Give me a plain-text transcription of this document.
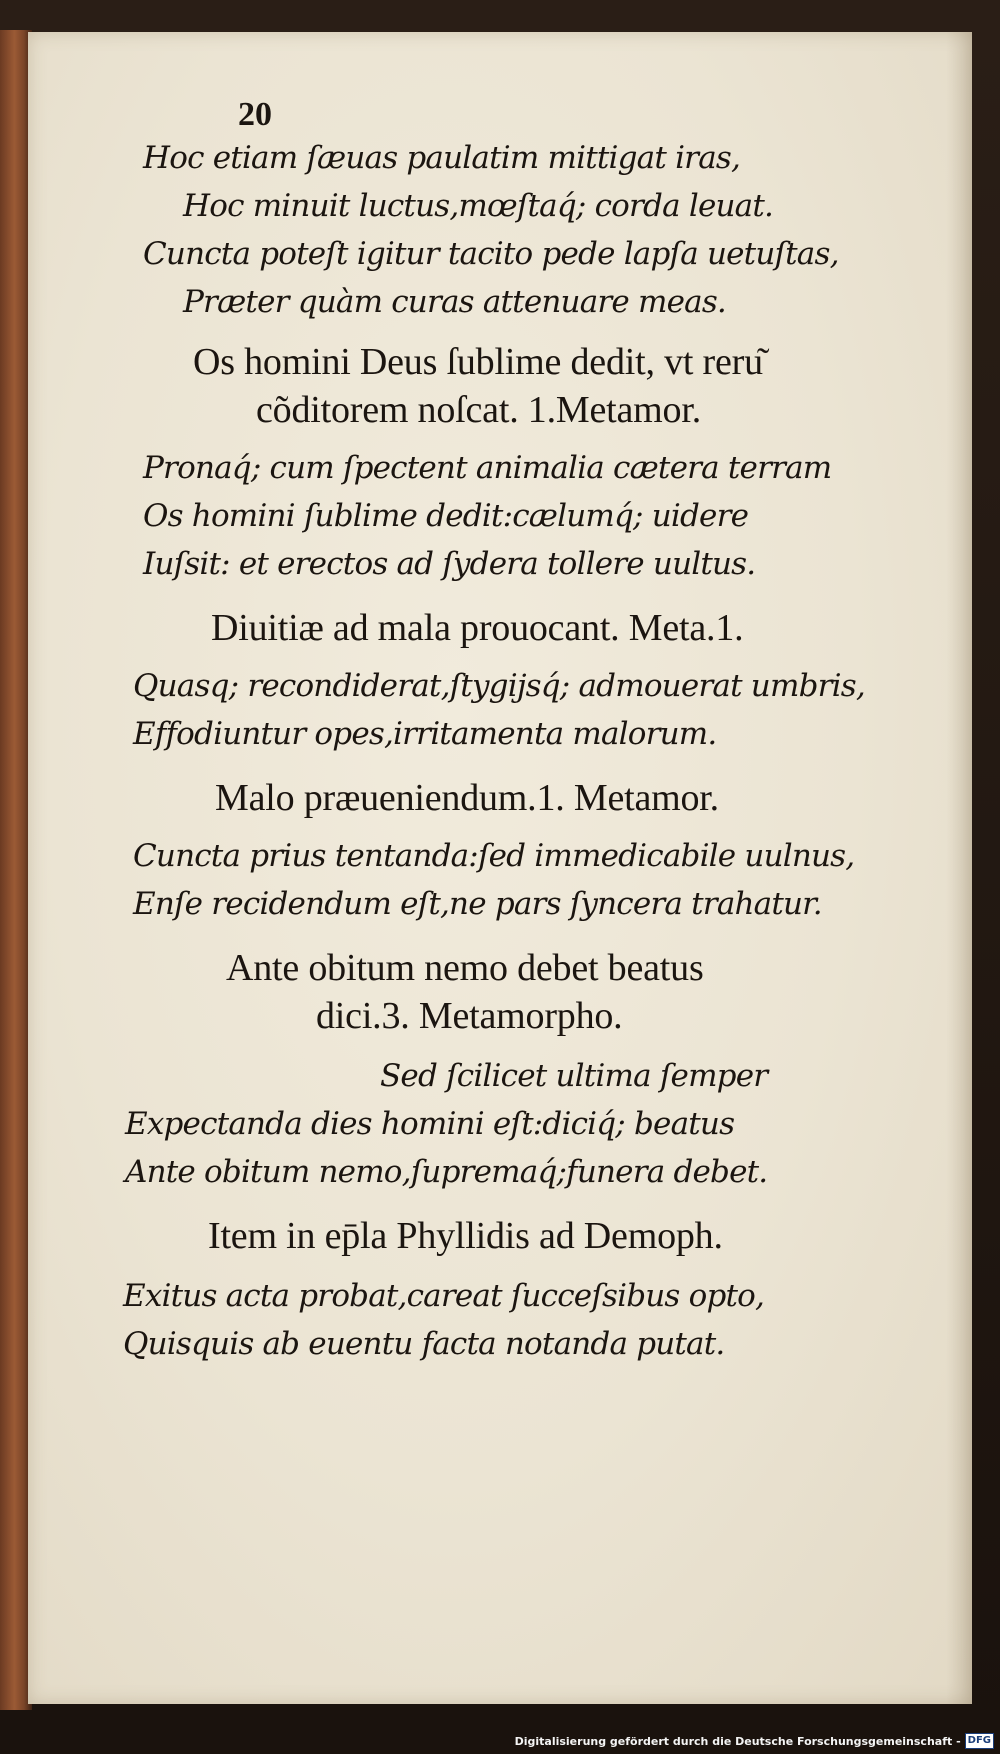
20

Hoc etiam ſæuas paulatim mittigat iras,

Hoc minuit luctus,mœſtaq́; corda leuat.

Cuncta poteſt igitur tacito pede lapſa uetuſtas,

Præter quàm curas attenuare meas.

Os homini Deus ſublime dedit, vt reru͂

cõditorem noſcat. 1.Metamor.

Pronaq́; cum ſpectent animalia cætera terram

Os homini ſublime dedit:cælumq́; uidere

Iuſsit: et erectos ad ſydera tollere uultus.

Diuitiæ ad mala prouocant. Meta.1.

Quasq; recondiderat,ſtygijsq́; admouerat umbris,

Effodiuntur opes,irritamenta malorum.

Malo præueniendum.1. Metamor.

Cuncta prius tentanda:ſed immedicabile uulnus,

Enſe recidendum eſt,ne pars ſyncera trahatur.

Ante obitum nemo debet beatus

dici.3. Metamorpho.

Sed ſcilicet ultima ſemper

Expectanda dies homini eſt:diciq́; beatus

Ante obitum nemo,ſupremaq́;funera debet.

Item in ep̄la Phyllidis ad Demoph.

Exitus acta probat,careat ſucceſsibus opto,

Quisquis ab euentu facta notanda putat.

Digitalisierung gefördert durch die Deutsche Forschungsgemeinschaft - DFG
